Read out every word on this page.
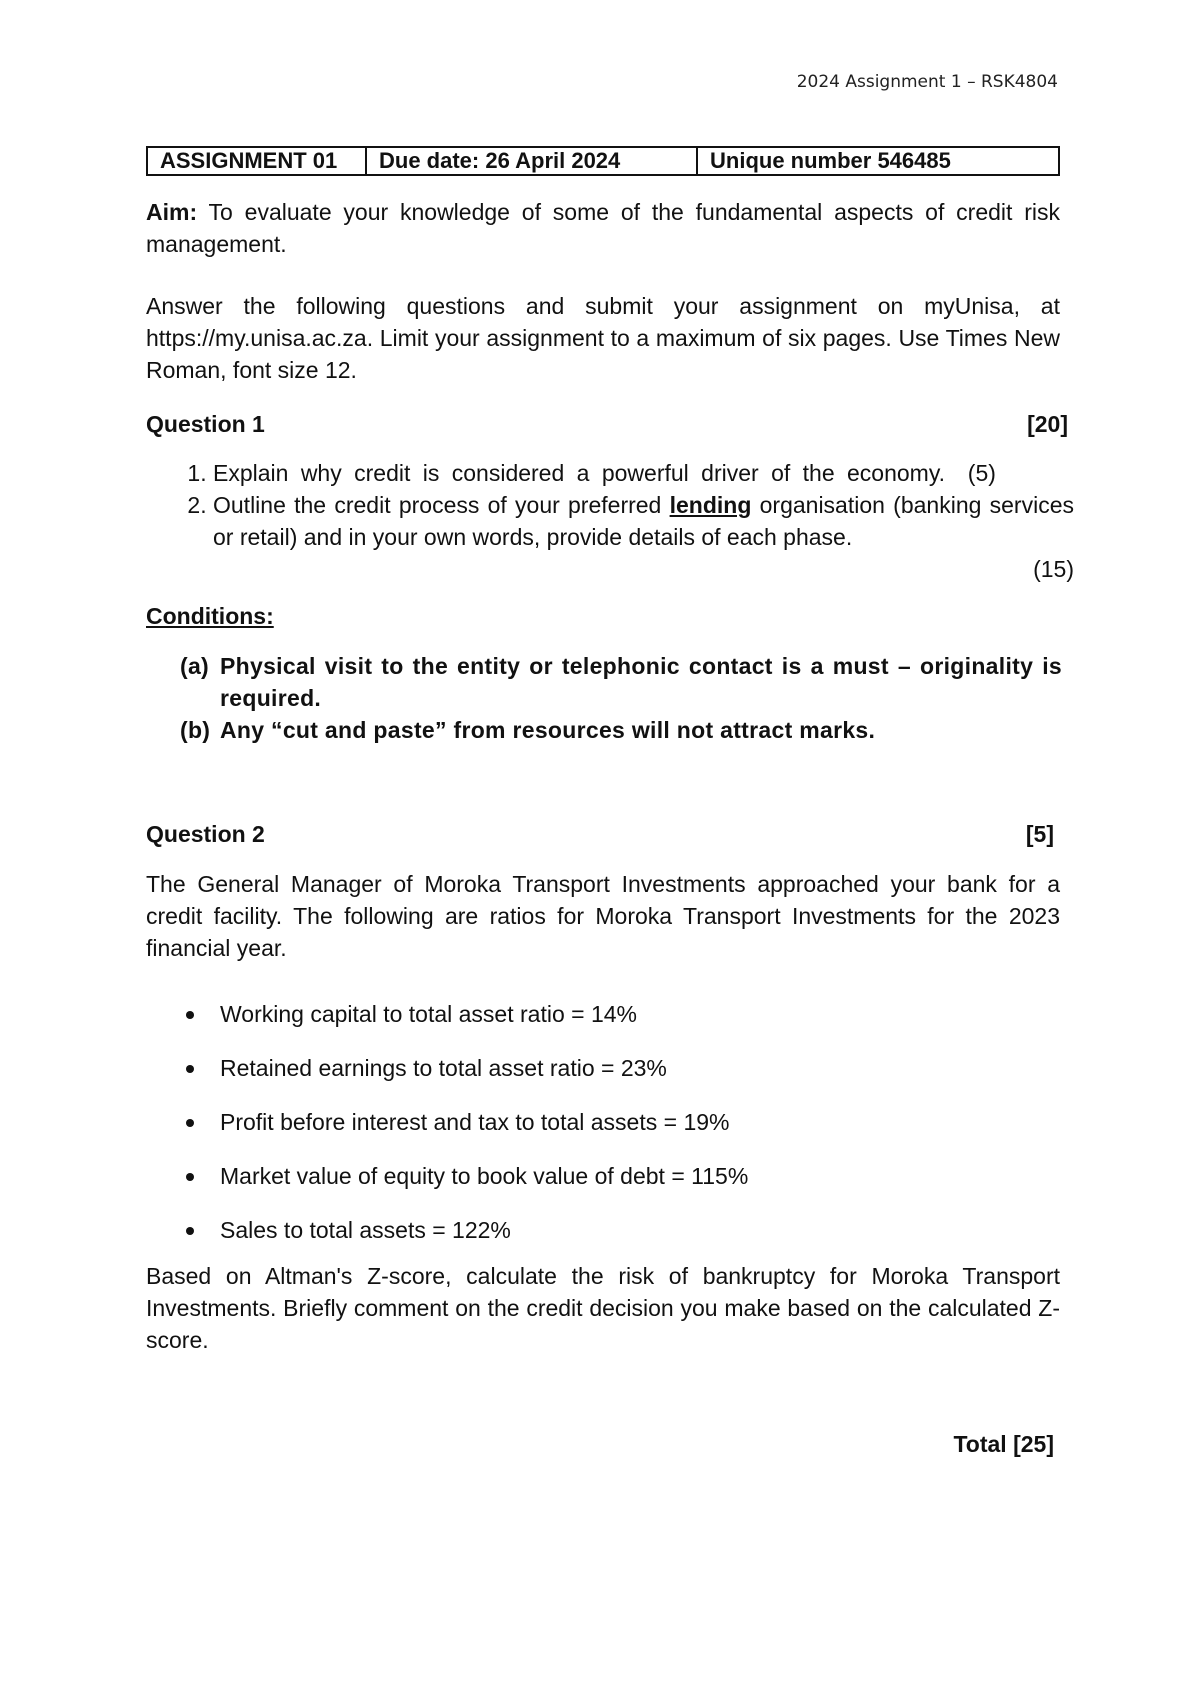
2024 Assignment 1 – RSK4804
ASSIGNMENT 01	Due date: 26 April 2024	Unique number 546485
Aim: To evaluate your knowledge of some of the fundamental aspects of credit risk management.
Answer the following questions and submit your assignment on myUnisa, at https://my.unisa.ac.za. Limit your assignment to a maximum of six pages. Use Times New Roman, font size 12.
Question 1	[20]
1. Explain why credit is considered a powerful driver of the economy. (5)
2. Outline the credit process of your preferred lending organisation (banking services or retail) and in your own words, provide details of each phase.
(15)
Conditions:
(a) Physical visit to the entity or telephonic contact is a must – originality is required.
(b) Any “cut and paste” from resources will not attract marks.
Question 2	[5]
The General Manager of Moroka Transport Investments approached your bank for a credit facility. The following are ratios for Moroka Transport Investments for the 2023 financial year.
Working capital to total asset ratio = 14%
Retained earnings to total asset ratio = 23%
Profit before interest and tax to total assets = 19%
Market value of equity to book value of debt = 115%
Sales to total assets = 122%
Based on Altman's Z-score, calculate the risk of bankruptcy for Moroka Transport Investments. Briefly comment on the credit decision you make based on the calculated Z-score.
Total [25]
